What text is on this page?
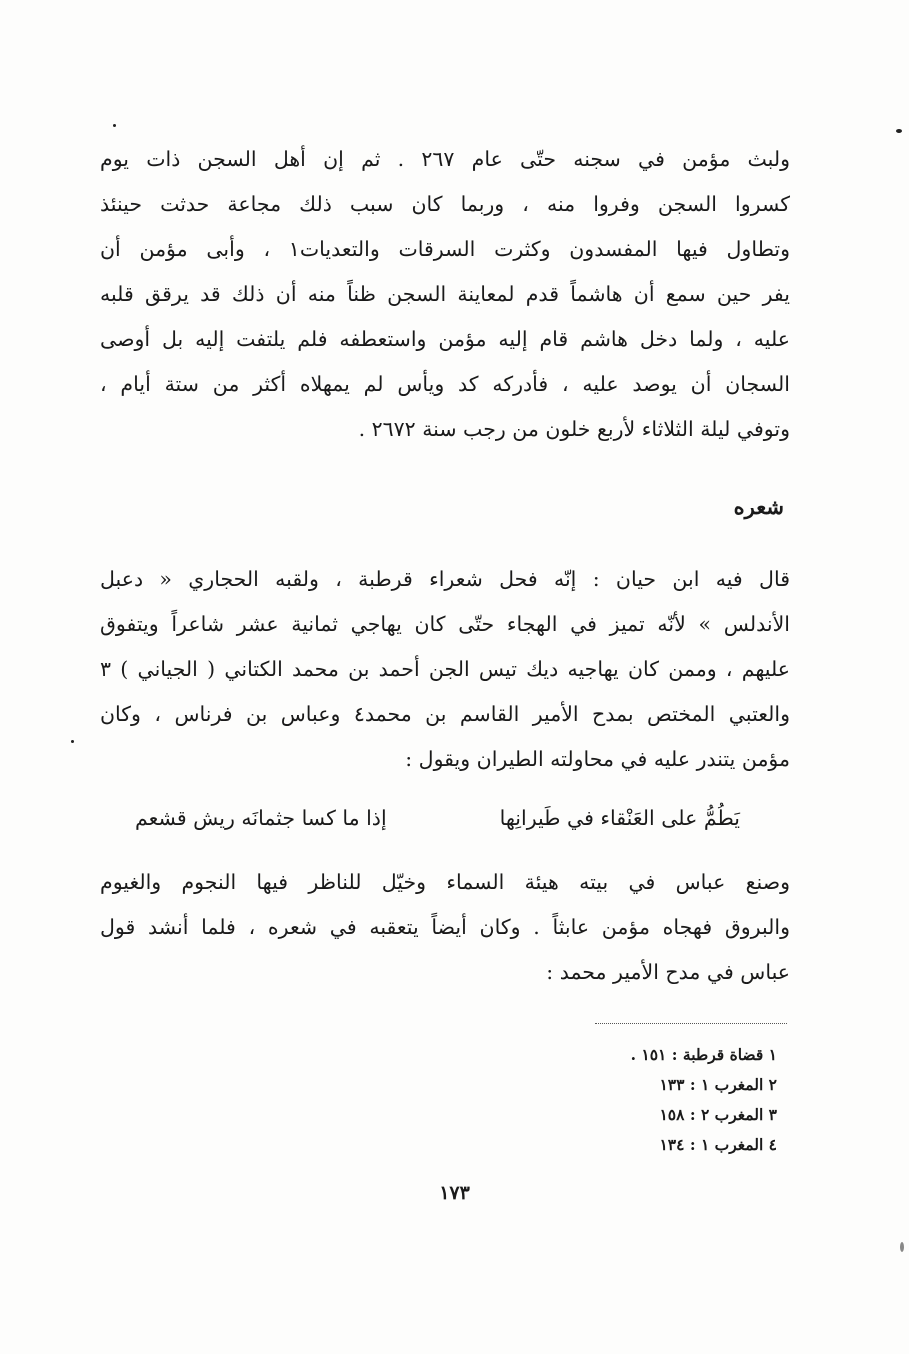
ولبث مؤمن في سجنه حتّى عام ٢٦٧ . ثم إن أهل السجن ذات يوم
كسروا السجن وفروا منه ، وربما كان سبب ذلك مجاعة حدثت حينئذ
وتطاول فيها المفسدون وكثرت السرقات والتعديات١ ، وأبى مؤمن أن
يفر حين سمع أن هاشماً قدم لمعاينة السجن ظناً منه أن ذلك قد يرقق قلبه
عليه ، ولما دخل هاشم قام إليه مؤمن واستعطفه فلم يلتفت إليه بل أوصى
السجان أن يوصد عليه ، فأدركه كد ويأس لم يمهلاه أكثر من ستة أيام ،
وتوفي ليلة الثلاثاء لأربع خلون من رجب سنة ٢٦٧٢ .
شعره
قال فيه ابن حيان : إنّه فحل شعراء قرطبة ، ولقبه الحجاري « دعبل
الأندلس » لأنّه تميز في الهجاء حتّى كان يهاجي ثمانية عشر شاعراً ويتفوق
عليهم ، وممن كان يهاجيه ديك تيس الجن أحمد بن محمد الكتاني ( الجياني ) ٣
والعتبي المختص بمدح الأمير القاسم بن محمد٤ وعباس بن فرناس ، وكان
مؤمن يتندر عليه في محاولته الطيران ويقول :
يَطُمُّ على العَنْقاء في طَيرانِها
إذا ما كسا جثمانَه ريش قشعم
وصنع عباس في بيته هيئة السماء وخيّل للناظر فيها النجوم والغيوم
والبروق فهجاه مؤمن عابثاً . وكان أيضاً يتعقبه في شعره ، فلما أنشد قول
عباس في مدح الأمير محمد :
١ قضاة قرطبة : ١٥١ .
٢ المغرب ١ : ١٣٣
٣ المغرب ٢ : ١٥٨
٤ المغرب ١ : ١٣٤
١٧٣
